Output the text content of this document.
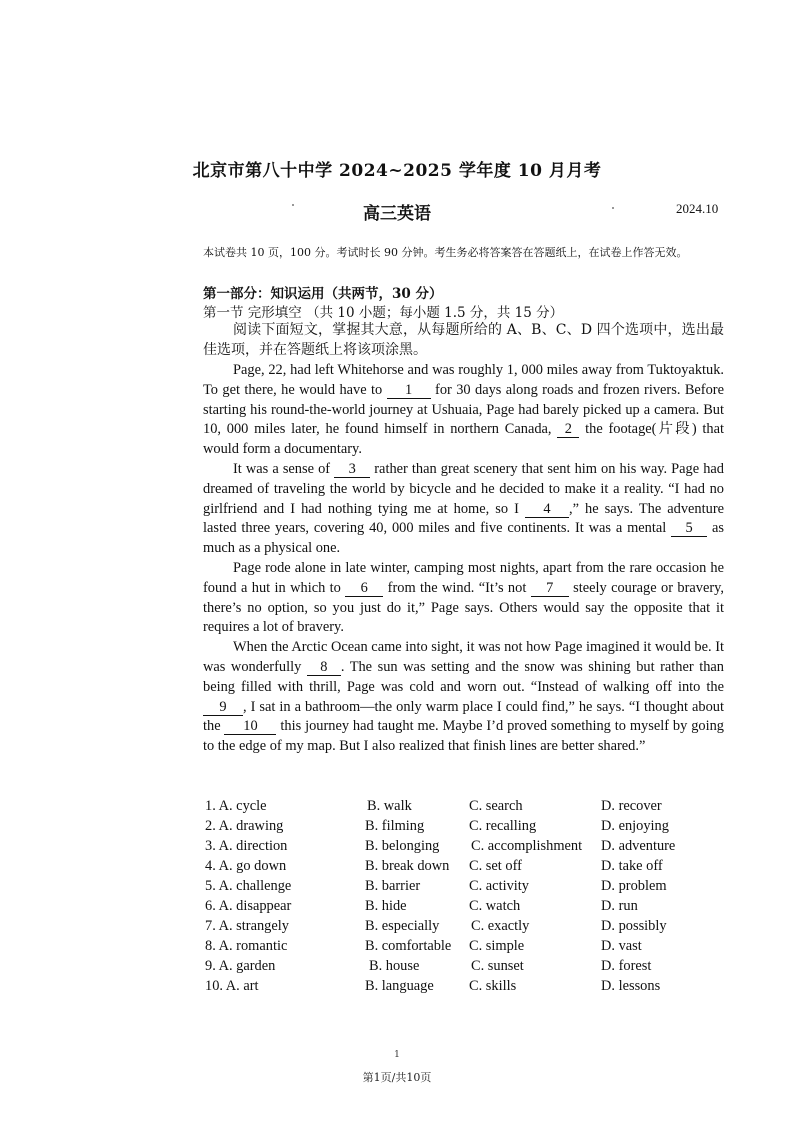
北京市第八十中学 2024~2025 学年度 10 月月考
高三英语	2024.10
本试卷共 10 页，100 分。考试时长 90 分钟。考生务必将答案答在答题纸上，在试卷上作答无效。
第一部分：知识运用（共两节，30 分）
第一节 完形填空 （共 10 小题；每小题 1.5 分，共 15 分）
阅读下面短文，掌握其大意，从每题所给的 A、B、C、D 四个选项中，选出最佳选项，并在答题纸上将该项涂黑。

Page, 22, had left Whitehorse and was roughly 1, 000 miles away from Tuktoyaktuk. To get there, he would have to 1 for 30 days along roads and frozen rivers. Before starting his round-the-world journey at Ushuaia, Page had barely picked up a camera. But 10, 000 miles later, he found himself in northern Canada, 2 the footage(片段) that would form a documentary.

It was a sense of 3 rather than great scenery that sent him on his way. Page had dreamed of traveling the world by bicycle and he decided to make it a reality. “I had no girlfriend and I had nothing tying me at home, so I 4 ,” he says. The adventure lasted three years, covering 40, 000 miles and five continents. It was a mental 5 as much as a physical one.

Page rode alone in late winter, camping most nights, apart from the rare occasion he found a hut in which to 6 from the wind. “It’s not 7 steely courage or bravery, there’s no option, so you just do it,” Page says. Others would say the opposite that it requires a lot of bravery.

When the Arctic Ocean came into sight, it was not how Page imagined it would be. It was wonderfully 8 . The sun was setting and the snow was shining but rather than being filled with thrill, Page was cold and worn out. “Instead of walking off into the 9 , I sat in a bathroom—the only warm place I could find,” he says. “I thought about the 10 this journey had taught me. Maybe I’d proved something to myself by going to the edge of my map. But I also realized that finish lines are better shared.”

1. A. cycle	B. walk	C. search	D. recover
2. A. drawing	B. filming	C. recalling	D. enjoying
3. A. direction	B. belonging C. accomplishment D. adventure
4. A. go down	B. break down C. set off	D. take off
5. A. challenge	B. barrier	C. activity	D. problem
6. A. disappear	B. hide	C. watch	D. run
7. A. strangely	B. especially C. exactly	D. possibly
8. A. romantic	B. comfortable C. simple	D. vast
9. A. garden	B. house	C. sunset	D. forest
10. A. art	B. language C. skills	D. lessons
1
第1页/共10页
